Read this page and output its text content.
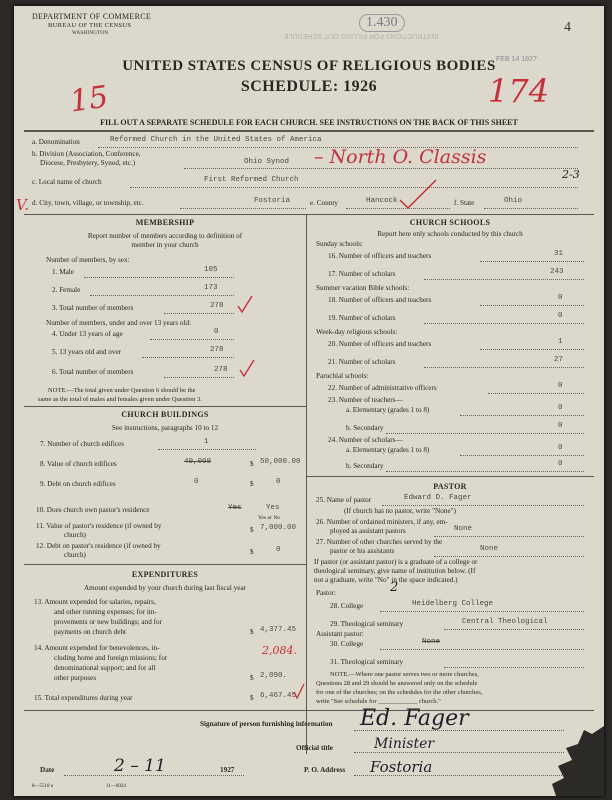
DEPARTMENT OF COMMERCE
BUREAU OF THE CENSUS
WASHINGTON
1.430	4
INSTRUCTIONS FOR FILLING OUT SCHEDULE
FEB 14 1927
15	174
UNITED STATES CENSUS OF RELIGIOUS BODIES
SCHEDULE: 1926
FILL OUT A SEPARATE SCHEDULE FOR EACH CHURCH. SEE INSTRUCTIONS ON THE BACK OF THIS SHEET
a. Denomination	Reformed Church in the United States of America
b. Division (Association, Conference,
Diocese, Presbytery, Synod, etc.)	Ohio Synod – North O. Classis
2-3
c. Local name of church	First Reformed Church
V. d. City, town, village, or township, etc.	Fostoria	e. County	Hancock	f. State	Ohio
MEMBERSHIP
Report number of members according to definition of
member in your church
Number of members, by sex:
1. Male	105
2. Female	173
3. Total number of members	278
Number of members, under and over 13 years old:
4. Under 13 years of age	0
5. 13 years old and over	278
6. Total number of members	278
NOTE.—The total given under Question 6 should be the
same as the total of males and females given under Question 3.
CHURCH BUILDINGS
See instructions, paragraphs 10 to 12
7. Number of church edifices	1
8. Value of church edifices	40,000	$ 50,000.00
9. Debt on church edifices	0	$	0
10. Does church own pastor's residence	Yes	Yes
Yes or No
11. Value of pastor's residence (if owned by
church)
$ 7,000.00
12. Debt on pastor's residence (if owned by
church)	$	0
EXPENDITURES
Amount expended by your church during last fiscal year
13. Amount expended for salaries, repairs,
and other running expenses; for im-
provements or new buildings; and for
payments on church debt	$ 4,377.45
14. Amount expended for benevolences, in-
cluding home and foreign missions; for
denominational support; and for all
other purposes
2,084.
$ 2,090.
15. Total expenditures during year	$ 6,467.45
CHURCH SCHOOLS
Report here only schools conducted by this church
Sunday schools:
16. Number of officers and teachers	31
17. Number of scholars	243
Summer vacation Bible schools:
18. Number of officers and teachers	0
19. Number of scholars	0
Week-day religious schools:
20. Number of officers and teachers	1
21. Number of scholars	27
Parochial schools:
22. Number of administrative officers	0
23. Number of teachers—
a. Elementary (grades 1 to 8)	0
b. Secondary	0
24. Number of scholars—
a. Elementary (grades 1 to 8)	0
b. Secondary	0
PASTOR
25. Name of pastor	Edward D. Fager
(If church has no pastor, write "None")
26. Number of ordained ministers, if any, em-
ployed as assistant pastors	None
27. Number of other churches served by the
pastor or his assistants	None
If pastor (or assistant pastor) is a graduate of a college or
theological seminary, give name of institution below. (If
not a graduate, write "No" in the space indicated.)
Pastor:	2
28. College	Heidelberg College
29. Theological seminary	Central Theological
Assistant pastor:
30. College	None
31. Theological seminary
NOTE.—Where one pastor serves two or more churches,
Questions 28 and 29 should be answered only on the schedule
for one of the churches; on the schedules for the other churches,
write "See schedule for ____________ church."
Signature of person furnishing information Ed. Fager
Official title	Minister
Date	2 – 11	1927	P. O. Address Fostoria
8—5518 a	11—6024
